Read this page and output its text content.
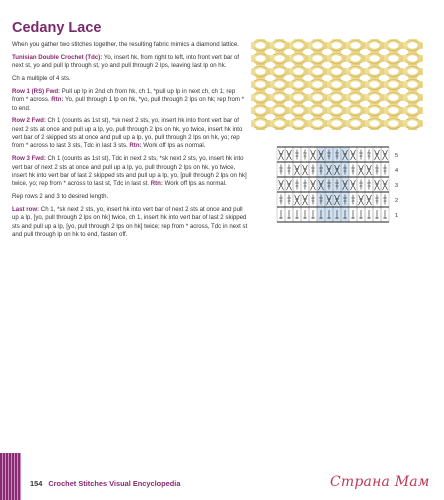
Cedany Lace

When you gather two stitches together, the resulting fabric mimics a diamond lattice.

Tunisian Double Crochet (Tdc): Yo, insert hk, from right to left, into front vert bar of next st, yo and pull lp through st, yo and pull through 2 lps, leaving last lp on hk.

Ch a multiple of 4 sts.

Row 1 (RS) Fwd: Pull up lp in 2nd ch from hk, ch 1, *pull up lp in next ch, ch 1; rep from * across. Rtn: Yo, pull through 1 lp on hk, *yo, pull through 2 lps on hk; rep from * to end.

Row 2 Fwd: Ch 1 (counts as 1st st), *sk next 2 sts, yo, insert hk into front vert bar of next 2 sts at once and pull up a lp, yo, pull through 2 lps on hk, yo twice, insert hk into vert bar of 2 skipped sts at once and pull up a lp, yo, pull through 2 lps on hk, yo; rep from * across to last 3 sts, Tdc in last 3 sts. Rtn: Work off lps as normal.

Row 3 Fwd: Ch 1 (counts as 1st st), Tdc in next 2 sts, *sk next 2 sts, yo, insert hk into vert bar of next 2 sts at once and pull up a lp, yo, pull through 2 lps on hk, yo twice, insert hk into vert bar of last 2 skipped sts and pull up a lp, yo, [pull through 2 lps on hk] twice, yo; rep from * across to last st, Tdc in last st. Rtn: Work off lps as normal.

Rep rows 2 and 3 to desired length.

Last row: Ch 1, *sk next 2 sts, yo, insert hk into vert bar of next 2 sts at once and pull up a lp, [yo, pull through 2 lps on hk] twice, ch 1, insert hk into vert bar of last 2 skipped sts and pull up a lp, [yo, pull through 2 lps on hk] twice; rep from * across, Tdc in next st and pull through lp on hk to end, fasten off.

5
4
3
2
1
154 Crochet Stitches Visual Encyclopedia	Страна Мам
